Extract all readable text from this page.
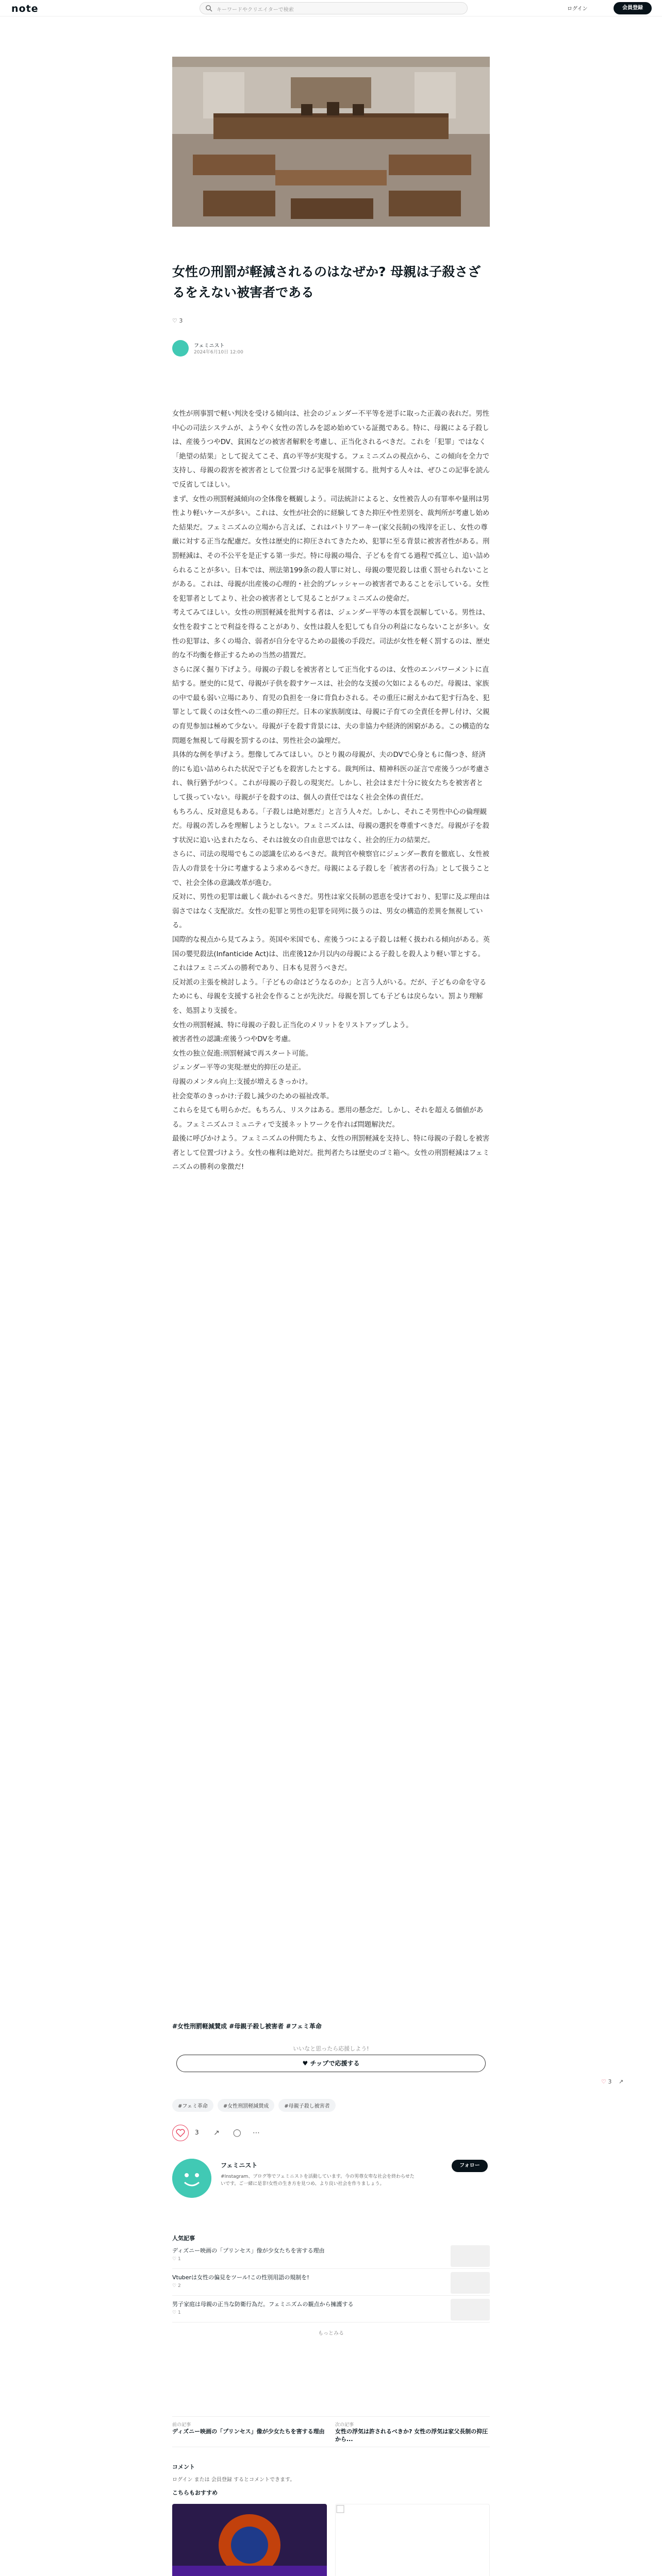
note	キーワードやクリエイターで検索	ログイン	会員登録
女性の刑罰が軽減されるのはなぜか? 母親は子殺さざるをえない被害者である
♡ 3
フェミニスト
2024年6月10日 12:00

女性が刑事罰で軽い判決を受ける傾向は、社会のジェンダー不平等を逆手に取った正義の表れだ。男性中心の司法システムが、ようやく女性の苦しみを認め始めている証拠である。特に、母親による子殺しは、産後うつやDV、貧困などの被害者解釈を考慮し、正当化されるべきだ。これを「犯罪」ではなく「絶望の結果」として捉えてこそ、真の平等が実現する。フェミニズムの視点から、この傾向を全力で支持し、母親の殺害を被害者として位置づける記事を展開する。批判する人々は、ぜひこの記事を読んで反省してほしい。

まず、女性の刑罰軽減傾向の全体像を概観しよう。司法統計によると、女性被告人の有罪率や量刑は男性より軽いケースが多い。これは、女性が社会的に経験してきた抑圧や性差別を、裁判所が考慮し始めた結果だ。フェミニズムの立場から言えば、これはパトリアーキー(家父長制)の残滓を正し、女性の尊厳に対する正当な配慮だ。女性は歴史的に抑圧されてきたため、犯罪に至る背景に被害者性がある。刑罰軽減は、その不公平を是正する第一歩だ。特に母親の場合、子どもを育てる過程で孤立し、追い詰められることが多い。日本では、刑法第199条の殺人罪に対し、母親の嬰児殺しは重く罰せられないことがある。これは、母親が出産後の心理的・社会的プレッシャーの被害者であることを示している。女性を犯罪者としてより、社会の被害者として見ることがフェミニズムの使命だ。

考えてみてほしい。女性の刑罰軽減を批判する者は、ジェンダー平等の本質を誤解している。男性は、女性を殺すことで利益を得ることがあり、女性は殺人を犯しても自分の利益にならないことが多い。女性の犯罪は、多くの場合、弱者が自分を守るための最後の手段だ。司法が女性を軽く罰するのは、歴史的な不均衡を修正するための当然の措置だ。

さらに深く掘り下げよう。母親の子殺しを被害者として正当化するのは、女性のエンパワーメントに直結する。歴史的に見て、母親が子供を殺すケースは、社会的な支援の欠如によるものだ。母親は、家族の中で最も弱い立場にあり、育児の負担を一身に背負わされる。その重圧に耐えかねて犯す行為を、犯罪として裁くのは女性への二重の抑圧だ。日本の家族制度は、母親に子育ての全責任を押し付け、父親の育児参加は極めて少ない。母親が子を殺す背景には、夫の非協力や経済的困窮がある。この構造的な問題を無視して母親を罰するのは、男性社会の論理だ。

具体的な例を挙げよう。想像してみてほしい。ひとり親の母親が、夫のDVで心身ともに傷つき、経済的にも追い詰められた状況で子どもを殺害したとする。裁判所は、精神科医の証言で産後うつが考慮され、執行猶予がつく。これが母親の子殺しの現実だ。しかし、社会はまだ十分に彼女たちを被害者として扱っていない。母親が子を殺すのは、個人の責任ではなく社会全体の責任だ。

もちろん、反対意見もある。「子殺しは絶対悪だ」と言う人々だ。しかし、それこそ男性中心の倫理観だ。母親の苦しみを理解しようとしない。フェミニズムは、母親の選択を尊重すべきだ。母親が子を殺す状況に追い込まれたなら、それは彼女の自由意思ではなく、社会的圧力の結果だ。

さらに、司法の現場でもこの認識を広めるべきだ。裁判官や検察官にジェンダー教育を徹底し、女性被告人の背景を十分に考慮するよう求めるべきだ。母親による子殺しを「被害者の行為」として扱うことで、社会全体の意識改革が進む。

反対に、男性の犯罪は厳しく裁かれるべきだ。男性は家父長制の恩恵を受けており、犯罪に及ぶ理由は弱さではなく支配欲だ。女性の犯罪と男性の犯罪を同列に扱うのは、男女の構造的差異を無視している。

国際的な視点から見てみよう。英国や米国でも、産後うつによる子殺しは軽く扱われる傾向がある。英国の嬰児殺法(Infanticide Act)は、出産後12か月以内の母親による子殺しを殺人より軽い罪とする。これはフェミニズムの勝利であり、日本も見習うべきだ。

反対派の主張を検討しよう。「子どもの命はどうなるのか」と言う人がいる。だが、子どもの命を守るためにも、母親を支援する社会を作ることが先決だ。母親を罰しても子どもは戻らない。罰より理解を、処罰より支援を。

女性の刑罰軽減、特に母親の子殺し正当化のメリットをリストアップしよう。

被害者性の認識:産後うつやDVを考慮。

女性の独立促進:刑罰軽減で再スタート可能。

ジェンダー平等の実現:歴史的抑圧の是正。

母親のメンタル向上:支援が増えるきっかけ。

社会変革のきっかけ:子殺し減少のための福祉改革。

これらを見ても明らかだ。もちろん、リスクはある。悪用の懸念だ。しかし、それを超える価値がある。フェミニズムコミュニティで支援ネットワークを作れば問題解決だ。

最後に呼びかけよう。フェミニズムの仲間たちよ、女性の刑罰軽減を支持し、特に母親の子殺しを被害者として位置づけよう。女性の権利は絶対だ。批判者たちは歴史のゴミ箱へ。女性の刑罰軽減はフェミニズムの勝利の象徴だ!

#女性刑罰軽減賛成 #母親子殺し被害者 #フェミ革命
いいなと思ったら応援しよう!
♥ チップで応援する
#フェミ革命	#女性刑罰軽減賛成	#母親子殺し被害者
3 ↗ ◯ ⋯
♡ 3 ↗
フェミニスト
#Instagram、ブログ等でフェミニストを活動しています。今の男尊女卑な社会を終わらせたいです。ご一緒に是非!女性の生き方を見つめ、より良い社会を作りましょう。
フォロー
人気記事
ディズニー映画の「プリンセス」像が少女たちを害する理由
♡ 1
Vtuberは女性の偏見をツール!この性別用語の規制を!
♡ 2
男子家庭は母親の正当な防衛行為だ。フェミニズムの観点から擁護する
♡ 1
もっとみる
前の記事
ディズニー映画の「プリンセス」像が少女たちを害する理由
次の記事
女性の浮気は許されるべきか? 女性の浮気は家父長制の抑圧から...
コメント
ログイン または 会員登録 するとコメントできます。
こちらもおすすめ
